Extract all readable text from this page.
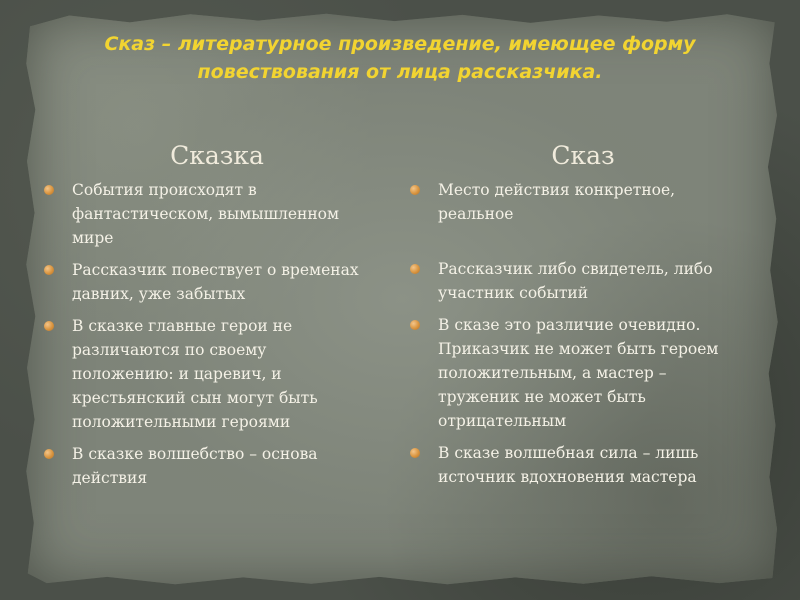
Сказ – литературное произведение, имеющее форму
повествования от лица рассказчика.
Сказка
События происходят в
фантастическом, вымышленном
мире
Рассказчик повествует о временах
давних, уже забытых
В сказке главные герои не
различаются по своему
положению: и царевич, и
крестьянский сын могут быть
положительными героями
В сказке волшебство – основа
действия
Сказ
Место действия конкретное,
реальное
Рассказчик либо свидетель, либо
участник событий
В сказе это различие очевидно.
Приказчик не может быть героем
положительным, а мастер –
труженик не может быть
отрицательным
В сказе волшебная сила – лишь
источник вдохновения мастера
